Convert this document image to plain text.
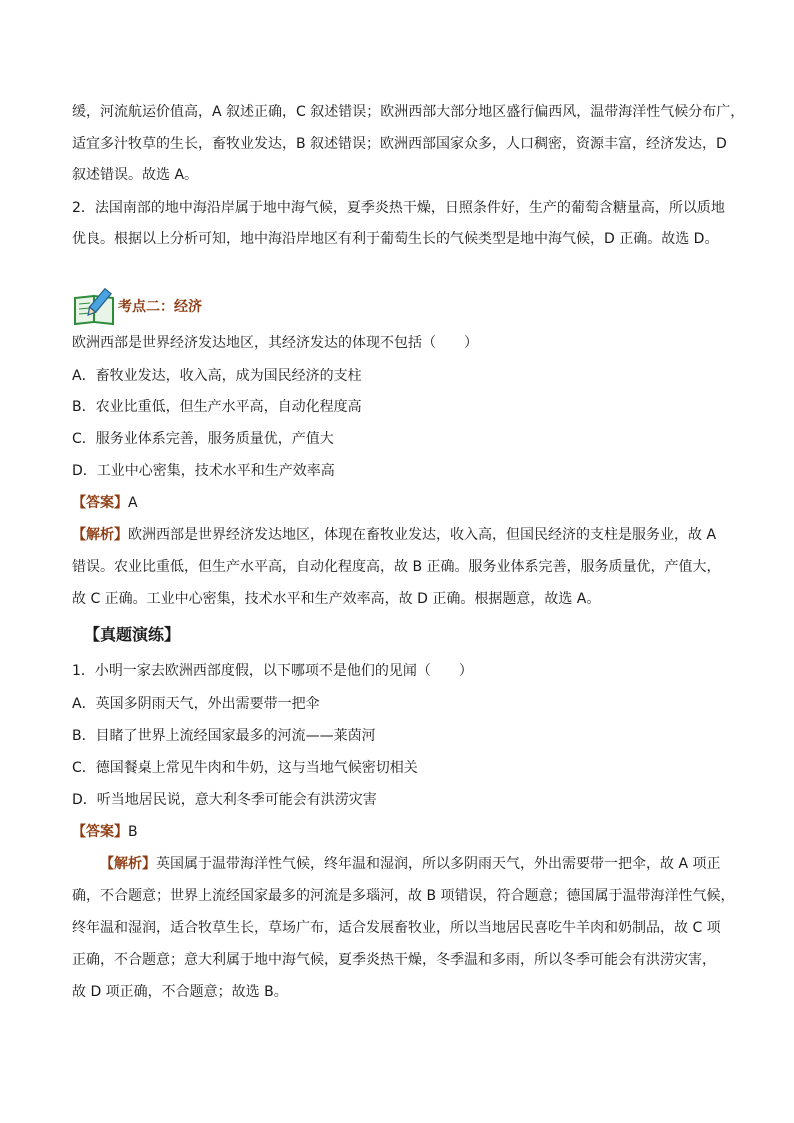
缓，河流航运价值高，A 叙述正确，C 叙述错误；欧洲西部大部分地区盛行偏西风，温带海洋性气候分布广，
适宜多汁牧草的生长，畜牧业发达，B 叙述错误；欧洲西部国家众多，人口稠密，资源丰富，经济发达，D
叙述错误。故选 A。
2．法国南部的地中海沿岸属于地中海气候，夏季炎热干燥，日照条件好，生产的葡萄含糖量高，所以质地
优良。根据以上分析可知，地中海沿岸地区有利于葡萄生长的气候类型是地中海气候，D 正确。故选 D。
考点二：经济
欧洲西部是世界经济发达地区，其经济发达的体现不包括（　　）
A．畜牧业发达，收入高，成为国民经济的支柱
B．农业比重低，但生产水平高，自动化程度高
C．服务业体系完善，服务质量优，产值大
D．工业中心密集，技术水平和生产效率高
【答案】A
【解析】欧洲西部是世界经济发达地区，体现在畜牧业发达，收入高，但国民经济的支柱是服务业，故 A
错误。农业比重低，但生产水平高，自动化程度高，故 B 正确。服务业体系完善，服务质量优，产值大，
故 C 正确。工业中心密集，技术水平和生产效率高，故 D 正确。根据题意，故选 A。
【真题演练】
1．小明一家去欧洲西部度假，以下哪项不是他们的见闻（　　）
A．英国多阴雨天气，外出需要带一把伞
B．目睹了世界上流经国家最多的河流——莱茵河
C．德国餐桌上常见牛肉和牛奶，这与当地气候密切相关
D．听当地居民说，意大利冬季可能会有洪涝灾害
【答案】B
【解析】英国属于温带海洋性气候，终年温和湿润，所以多阴雨天气，外出需要带一把伞，故 A 项正
确，不合题意；世界上流经国家最多的河流是多瑙河，故 B 项错误，符合题意；德国属于温带海洋性气候，
终年温和湿润，适合牧草生长，草场广布，适合发展畜牧业，所以当地居民喜吃牛羊肉和奶制品，故 C 项
正确，不合题意；意大利属于地中海气候，夏季炎热干燥，冬季温和多雨，所以冬季可能会有洪涝灾害，
故 D 项正确，不合题意；故选 B。
